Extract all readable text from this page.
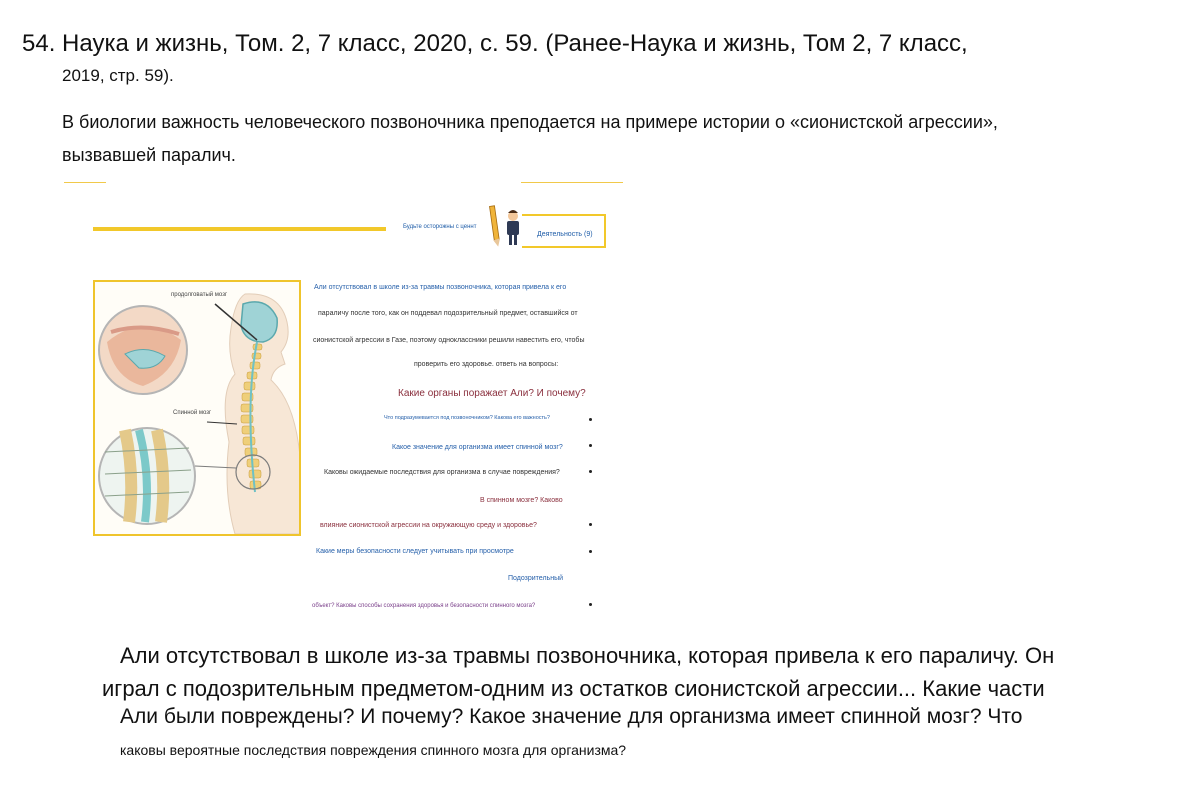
54. Наука и жизнь, Том. 2, 7 класс, 2020, с. 59. (Ранее-Наука и жизнь, Том 2, 7 класс,
2019, стр. 59).
В биологии важность человеческого позвоночника преподается на примере истории о «сионистской агрессии»,
вызвавшей паралич.
Будьте осторожны с ценнт
Деятельность (9)
продолговатый мозг
Спинной мозг
Али отсутствовал в школе из-за травмы позвоночника, которая привела к его
параличу после того, как он поддевал подозрительный предмет, оставшийся от
сионистской агрессии в Газе, поэтому одноклассники решили навестить его, чтобы
проверить его здоровье. ответь на вопросы:
Какие органы поражает Али? И почему?
Что подразумевается под позвоночником? Какова его важность?
Какое значение для организма имеет спинной мозг?
Каковы ожидаемые последствия для организма в случае повреждения?
В спинном мозге? Каково
влияние сионистской агрессии на окружающую среду и здоровье?
Какие меры безопасности следует учитывать при просмотре
Подозрительный
объект? Каковы способы сохранения здоровья и безопасности спинного мозга?
Али отсутствовал в школе из-за травмы позвоночника, которая привела к его параличу. Он
играл с подозрительным предметом-одним из остатков сионистской агрессии... Какие части
Али были повреждены? И почему? Какое значение для организма имеет спинной мозг? Что
каковы вероятные последствия повреждения спинного мозга для организма?
